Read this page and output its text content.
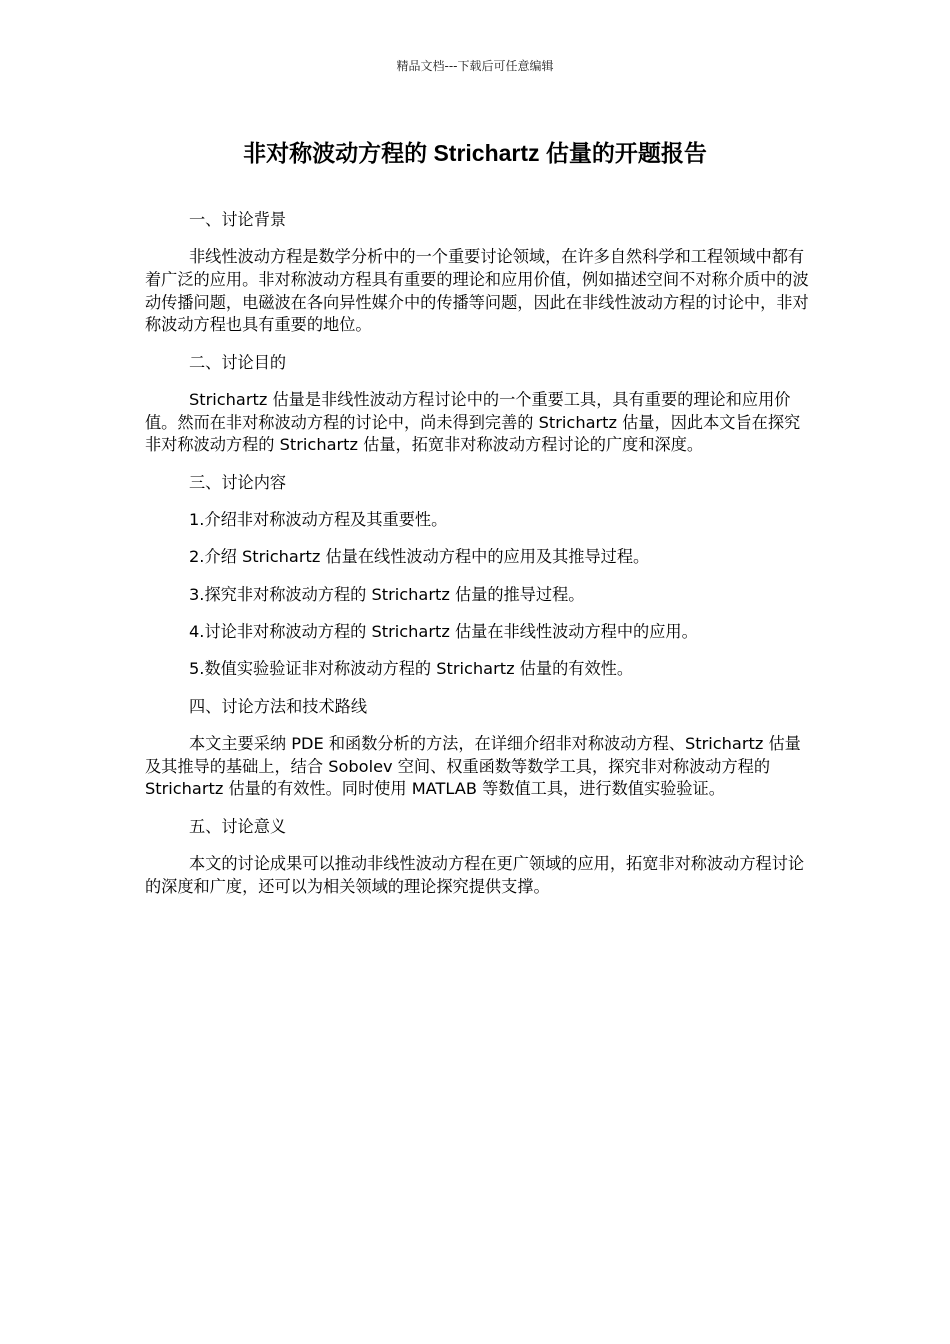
精品文档---下载后可任意编辑
非对称波动方程的 Strichartz 估量的开题报告

一、讨论背景

非线性波动方程是数学分析中的一个重要讨论领域，在许多自然科学和工程领域中都有着广泛的应用。非对称波动方程具有重要的理论和应用价值，例如描述空间不对称介质中的波动传播问题，电磁波在各向异性媒介中的传播等问题，因此在非线性波动方程的讨论中，非对称波动方程也具有重要的地位。

二、讨论目的

Strichartz 估量是非线性波动方程讨论中的一个重要工具，具有重要的理论和应用价值。然而在非对称波动方程的讨论中，尚未得到完善的 Strichartz 估量，因此本文旨在探究非对称波动方程的 Strichartz 估量，拓宽非对称波动方程讨论的广度和深度。

三、讨论内容

1.介绍非对称波动方程及其重要性。

2.介绍 Strichartz 估量在线性波动方程中的应用及其推导过程。

3.探究非对称波动方程的 Strichartz 估量的推导过程。

4.讨论非对称波动方程的 Strichartz 估量在非线性波动方程中的应用。

5.数值实验验证非对称波动方程的 Strichartz 估量的有效性。

四、讨论方法和技术路线

本文主要采纳 PDE 和函数分析的方法，在详细介绍非对称波动方程、Strichartz 估量及其推导的基础上，结合 Sobolev 空间、权重函数等数学工具，探究非对称波动方程的 Strichartz 估量的有效性。同时使用 MATLAB 等数值工具，进行数值实验验证。

五、讨论意义

本文的讨论成果可以推动非线性波动方程在更广领域的应用，拓宽非对称波动方程讨论的深度和广度，还可以为相关领域的理论探究提供支撑。
